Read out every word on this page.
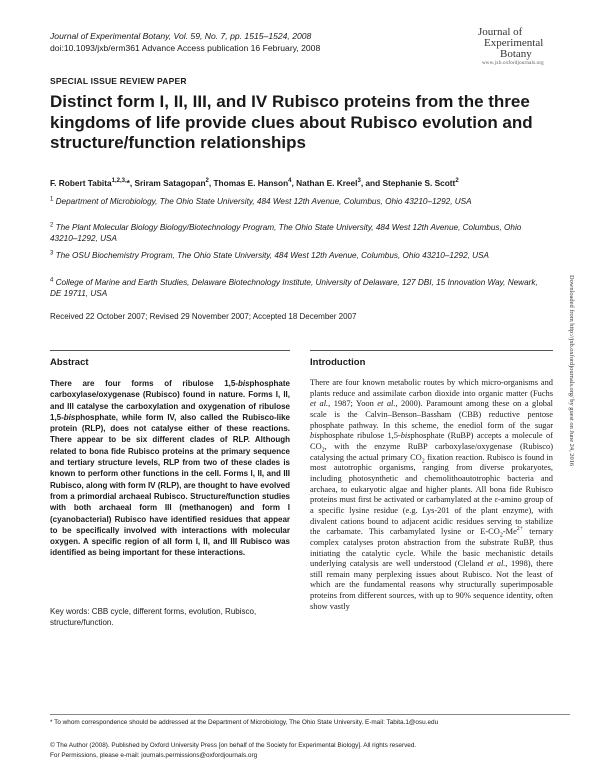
Journal of Experimental Botany, Vol. 59, No. 7, pp. 1515–1524, 2008
doi:10.1093/jxb/erm361 Advance Access publication 16 February, 2008
Journal of
Experimental
Botany
www.jxb.oxfordjournals.org
SPECIAL ISSUE REVIEW PAPER
Distinct form I, II, III, and IV Rubisco proteins from the three kingdoms of life provide clues about Rubisco evolution and structure/function relationships
F. Robert Tabita$^{1,2,3,}$*, Sriram Satagopan$^2$, Thomas E. Hanson$^4$, Nathan E. Kreel$^3$, and Stephanie S. Scott$^2$
$^1$ Department of Microbiology, The Ohio State University, 484 West 12th Avenue, Columbus, Ohio 43210–1292, USA
$^2$ The Plant Molecular Biology Biology/Biotechnology Program, The Ohio State University, 484 West 12th Avenue, Columbus, Ohio 43210–1292, USA
$^3$ The OSU Biochemistry Program, The Ohio State University, 484 West 12th Avenue, Columbus, Ohio 43210–1292, USA
$^4$ College of Marine and Earth Studies, Delaware Biotechnology Institute, University of Delaware, 127 DBI, 15 Innovation Way, Newark, DE 19711, USA
Received 22 October 2007; Revised 29 November 2007; Accepted 18 December 2007
Abstract	Introduction

There are four forms of ribulose 1,5-bisphosphate carboxylase/oxygenase (Rubisco) found in nature. Forms I, II, and III catalyse the carboxylation and oxygenation of ribulose 1,5-bisphosphate, while form IV, also called the Rubisco-like protein (RLP), does not catalyse either of these reactions. There appear to be six different clades of RLP. Although related to bona fide Rubisco proteins at the primary sequence and tertiary structure levels, RLP from two of these clades is known to perform other functions in the cell. Forms I, II, and III Rubisco, along with form IV (RLP), are thought to have evolved from a primordial archaeal Rubisco. Structure/function studies with both archaeal form III (methanogen) and form I (cyanobacterial) Rubisco have identified residues that appear to be specifically involved with interactions with molecular oxygen. A specific region of all form I, II, and III Rubisco was identified as being important for these interactions.

Key words: CBB cycle, different forms, evolution, Rubisco, structure/function.

There are four known metabolic routes by which micro-organisms and plants reduce and assimilate carbon dioxide into organic matter (Fuchs et al., 1987; Yoon et al., 2000). Paramount among these on a global scale is the Calvin–Benson–Bassham (CBB) reductive pentose phosphate pathway. In this scheme, the enediol form of the sugar bisphosphate ribulose 1,5-bisphosphate (RuBP) accepts a molecule of $CO_2$, with the enzyme RuBP carboxylase/oxygenase (Rubisco) catalysing the actual primary $CO_2$ fixation reaction. Rubisco is found in most autotrophic organisms, ranging from diverse prokaryotes, including photosynthetic and chemolithoautotrophic bacteria and archaea, to eukaryotic algae and higher plants. All bona fide Rubisco proteins must first be activated or carbamylated at the ε-amino group of a specific lysine residue (e.g. Lys-201 of the plant enzyme), with divalent cations bound to adjacent acidic residues serving to stabilize the carbamate. This carbamylated lysine or $E-CO_2-Me^{2+}$ ternary complex catalyses proton abstraction from the substrate RuBP, thus initiating the catalytic cycle. While the basic mechanistic details underlying catalysis are well understood (Cleland et al., 1998), there still remain many perplexing issues about Rubisco. Not the least of which are the fundamental reasons why structurally superimposable proteins from different sources, with up to 90% sequence identity, often show vastly

* To whom correspondence should be addressed at the Department of Microbiology, The Ohio State University. E-mail: Tabita.1@osu.edu
© The Author (2008). Published by Oxford University Press [on behalf of the Society for Experimental Biology]. All rights reserved.
For Permissions, please e-mail: journals.permissions@oxfordjournals.org
Downloaded from http://jxb.oxfordjournals.org/ by guest on June 24, 2016
